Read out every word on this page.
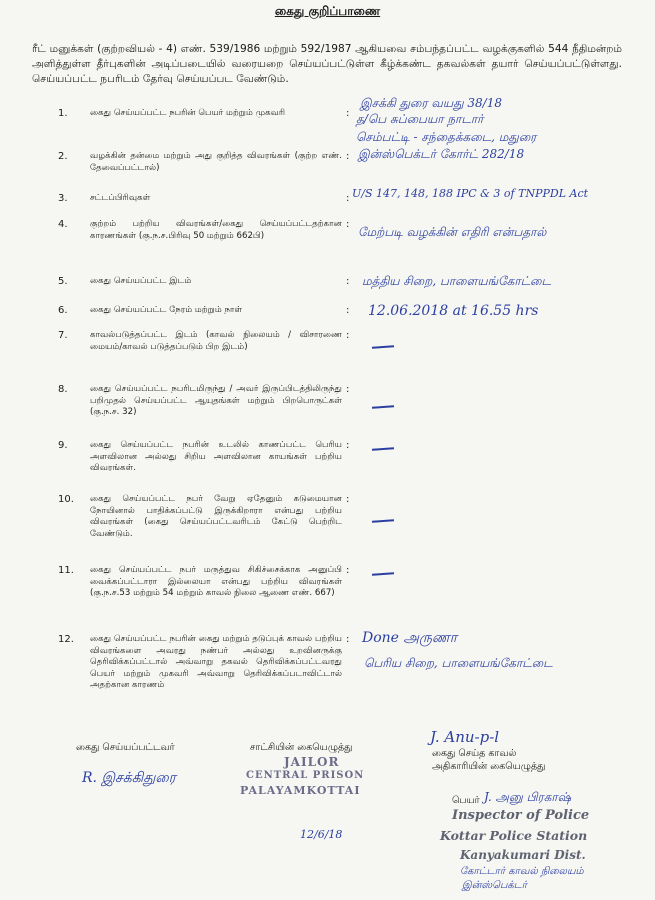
கைது குறிப்பாணை
ரீட் மனுக்கள் (குற்றவியல் - 4) எண். 539/1986 மற்றும் 592/1987 ஆகியவை சம்பந்தப்பட்ட வழக்குகளில் 544 நீதிமன்றம் அளித்துள்ள தீர்புகளின் அடிப்படையில் வரையறை செய்யப்பட்டுள்ள கீழ்க்கண்ட தகவல்கள் தயார் செய்யப்பட்டுள்ளது. செய்யப்பட்ட நபரிடம் தேர்வு செய்யப்பட வேண்டும்.
1.	கைது செய்யப்பட்ட நபரின் பெயர் மற்றும் முகவரி	:
இசக்கி துரை வயது 38/18
த/பெ சுப்பையா நாடார்
செம்பட்டி - சந்தைக்கடை, மதுரை
2.	வழக்கின் தன்மை மற்றும் அது குறித்த விவரங்கள் (குற்ற எண். தேவைப்பட்டால்)
: இன்ஸ்பெக்டர் கோர்ட் 282/18
3.	சட்டப்பிரிவுகள்	: U/S 147, 148, 188 IPC & 3 of TNPPDL Act
4.	குற்றம் பற்றிய விவரங்கள்/கைது செய்யப்பட்டதற்கான காரணங்கள் (கு.ந.ச.பிரிவு 50 மற்றும் 662பி)
:
மேற்படி வழக்கின் எதிரி என்பதால்
5.	கைது செய்யப்பட்ட இடம்	: மத்திய சிறை, பாளையங்கோட்டை
6.	கைது செய்யப்பட்ட நேரம் மற்றும் நாள்	: 12.06.2018 at 16.55 hrs
7.	காவல்படுத்தப்பட்ட இடம் (காவல் நிலையம் / விசாரணை மையம்/காவல் படுத்தப்படும் பிற இடம்)
:
8.	கைது செய்யப்பட்ட நபரிடமிருந்து / அவர் இருப்பிடத்திலிருந்து பறிமுதல் செய்யப்பட்ட ஆயுதங்கள் மற்றும் பிறபொருட்கள் (கு.ந.ச. 32)
:
9.	கைது செய்யப்பட்ட நபரின் உடலில் காணப்பட்ட பெரிய அளவிலான அல்லது சிறிய அளவிலான காயங்கள் பற்றிய விவரங்கள்.
:
10. கைது செய்யப்பட்ட நபர் வேறு ஏதேனும் கடுமையான நோயினால் பாதிக்கப்பட்டு இருக்கிறாரா என்பது பற்றிய விவரங்கள் (கைது செய்யப்பட்டவரிடம் கேட்டு பெற்றிட வேண்டும்.
:
11. கைது செய்யப்பட்ட நபர் மருத்துவ சிகிச்சைக்காக அனுப்பி வைக்கப்பட்டாரா இல்லையா என்பது பற்றிய விவரங்கள் (கு.ந.ச.53 மற்றும் 54 மற்றும் காவல் நிலை ஆணை எண். 667)
:
12. கைது செய்யப்பட்ட நபரின் கைது மற்றும் தடுப்புக் காவல் பற்றிய விவரங்களை அவரது நண்பர் அல்லது உறவினருக்கு தெரிவிக்கப்பட்டால் அவ்வாறு தகவல் தெரிவிக்கப்பட்டவரது பெயர் மற்றும் முகவரி அவ்வாறு தெரிவிக்கப்படாவிட்டால் அதற்கான காரணம்
: Done அருணா
பெரிய சிறை, பாளையங்கோட்டை
கைது செய்யப்பட்டவர்
R. இசக்கிதுரை
சாட்சியின் கையெழுத்து
JAILOR
CENTRAL PRISON
PALAYAMKOTTAI
12/6/18
J. Anu-p-l
கைது செய்த காவல்
அதிகாரியின் கையெழுத்து
பெயர் J. அனு பிரகாஷ்
Inspector of Police
Kottar Police Station
Kanyakumari Dist.
கோட்டார் காவல் நிலையம்
இன்ஸ்பெக்டர்
